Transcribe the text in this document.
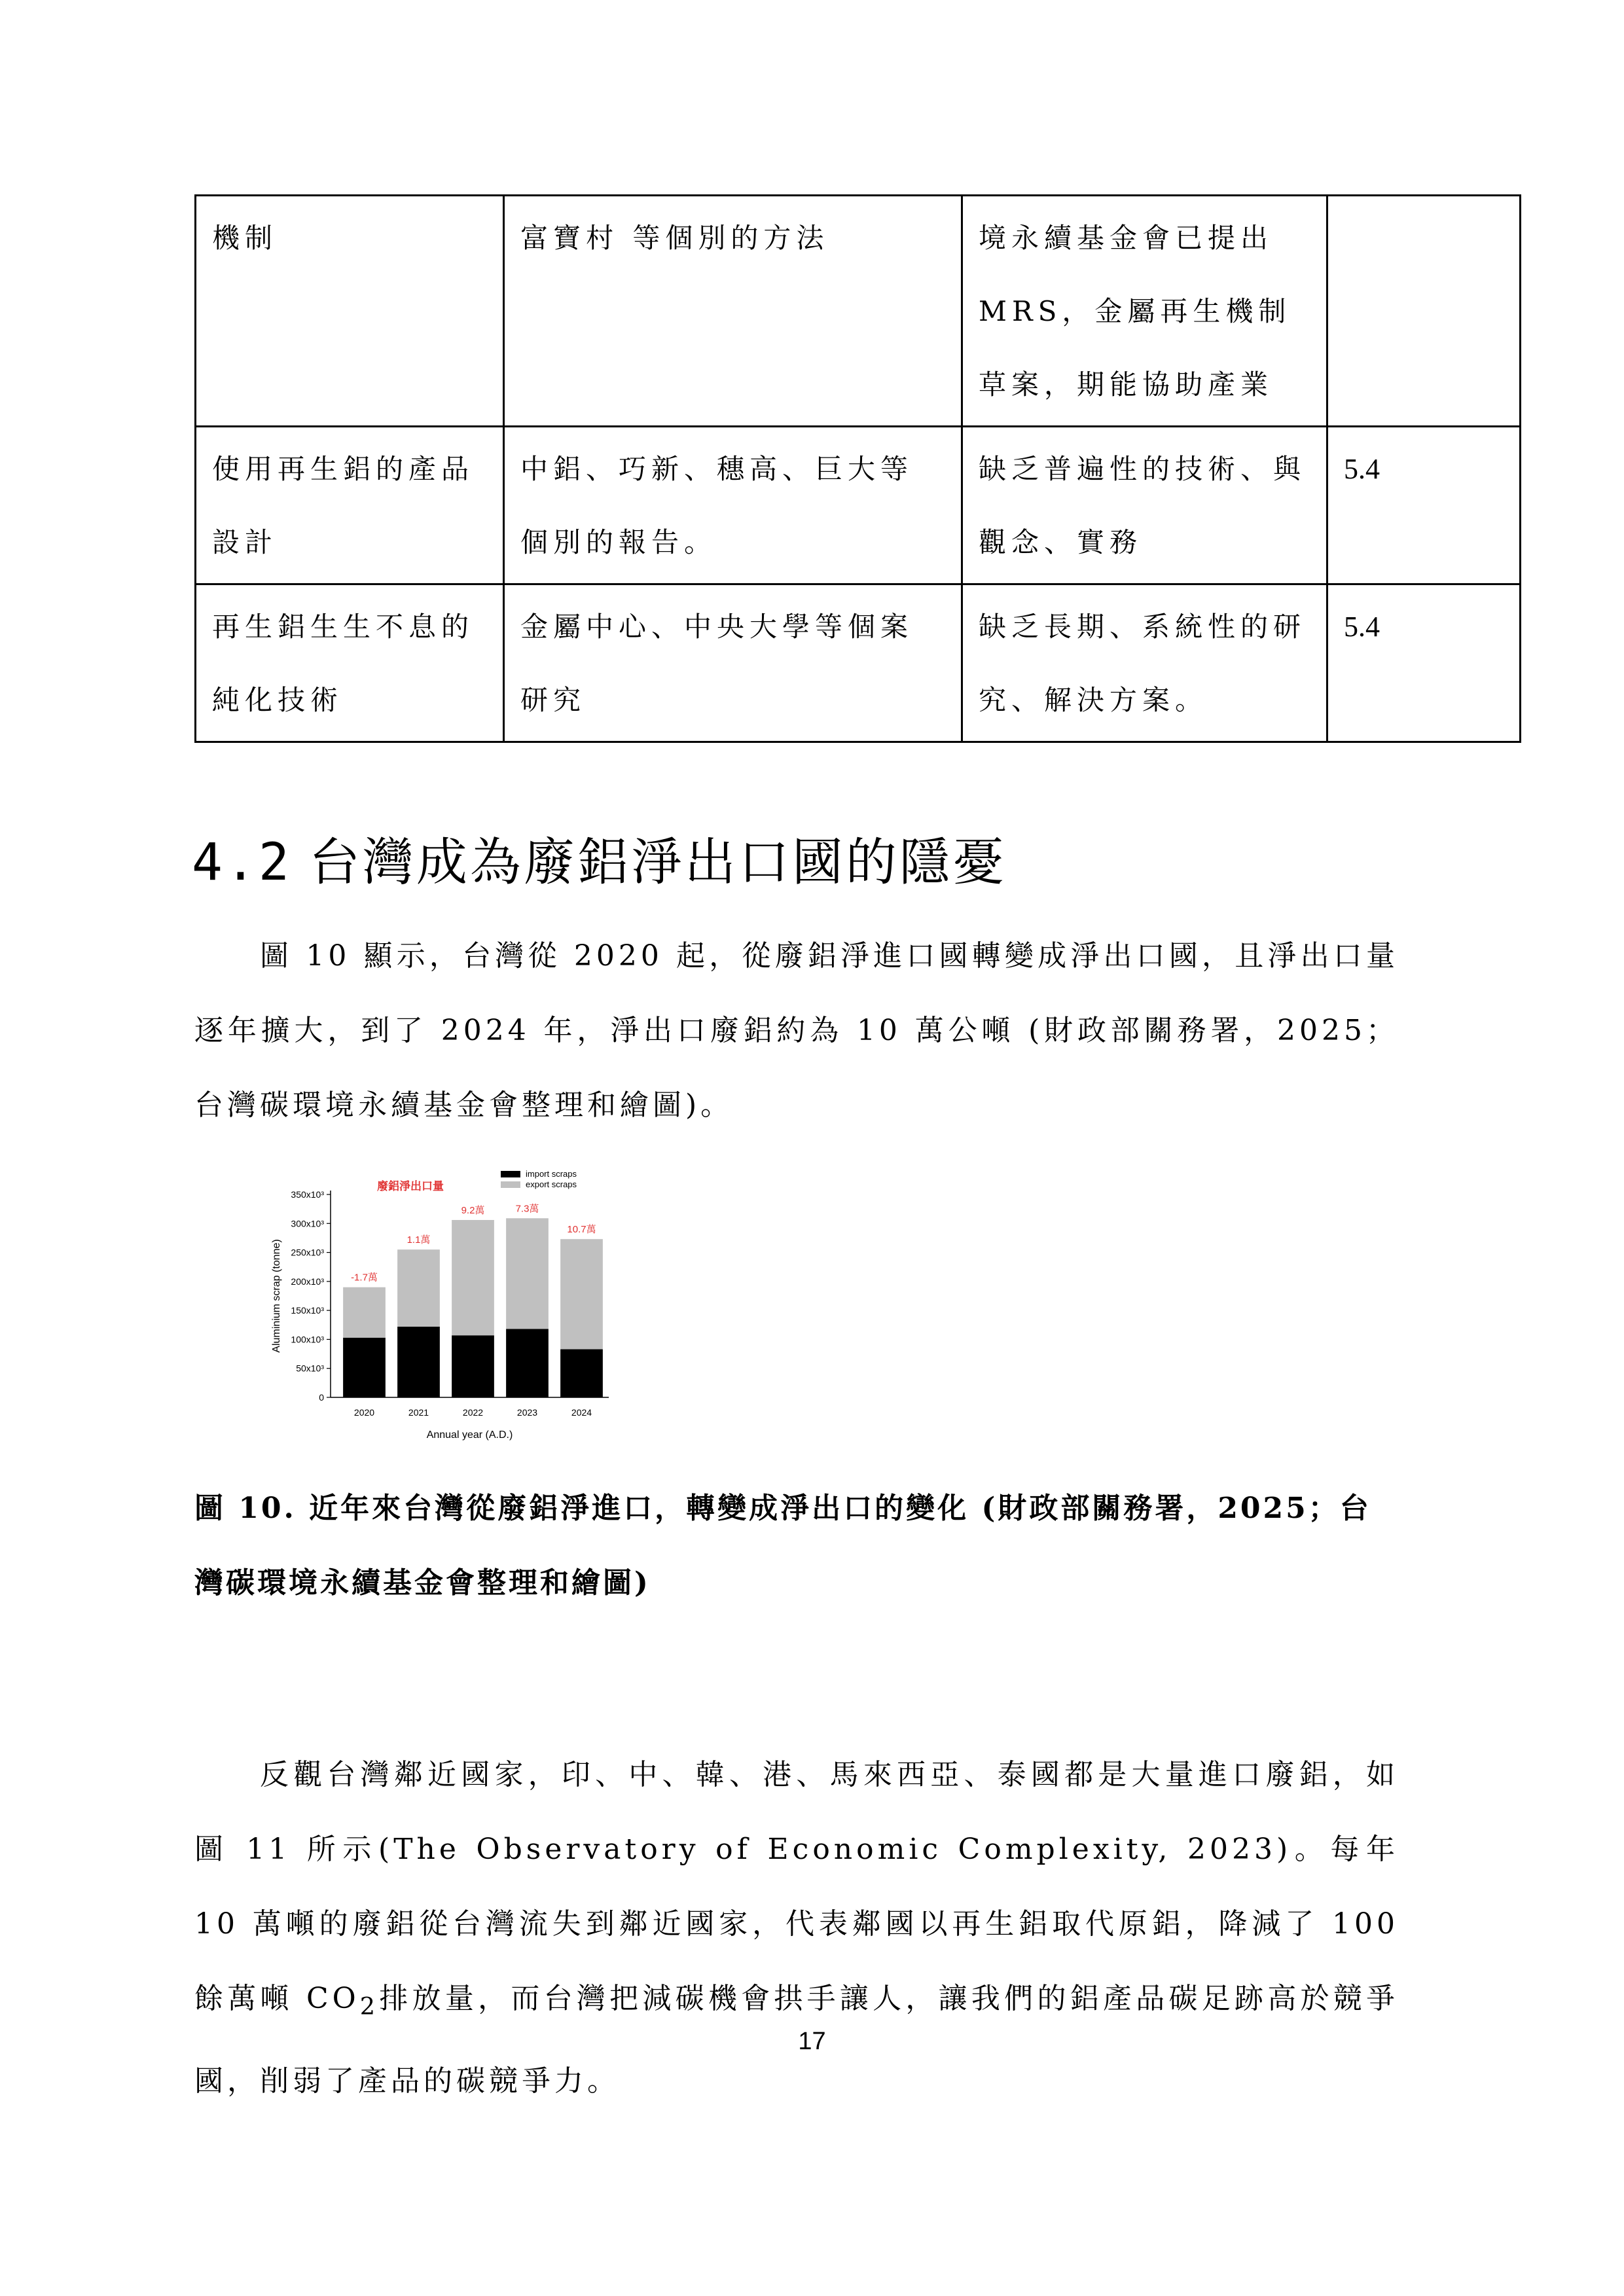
機制	富寶村 等個別的方法	境永續基金會已提出MRS，金屬再生機制草案，期能協助產業	
使用再生鋁的產品設計	中鋁、巧新、穗高、巨大等個別的報告。	缺乏普遍性的技術、與觀念、實務	5.4
再生鋁生生不息的純化技術	金屬中心、中央大學等個案研究	缺乏長期、系統性的研究、解決方案。	5.4
4.2 台灣成為廢鋁淨出口國的隱憂

圖 10 顯示，台灣從 2020 起，從廢鋁淨進口國轉變成淨出口國，且淨出口量逐年擴大，到了 2024 年，淨出口廢鋁約為 10 萬公噸 (財政部關務署，2025；台灣碳環境永續基金會整理和繪圖)。

0
50x10³
100x10³
150x10³
200x10³
250x10³
300x10³
350x10³
2020
-1.7萬
2021
1.1萬
2022
9.2萬
2023
7.3萬
2024
10.7萬
廢鋁淨出口量
import scraps
export scraps
Annual year (A.D.)
Aluminium scrap (tonne)

圖 10. 近年來台灣從廢鋁淨進口，轉變成淨出口的變化 (財政部關務署，2025；台灣碳環境永續基金會整理和繪圖)

反觀台灣鄰近國家，印、中、韓、港、馬來西亞、泰國都是大量進口廢鋁，如圖 11 所示(The Observatory of Economic Complexity, 2023)。每年 10 萬噸的廢鋁從台灣流失到鄰近國家，代表鄰國以再生鋁取代原鋁，降減了 100 餘萬噸 $CO_2$排放量，而台灣把減碳機會拱手讓人，讓我們的鋁產品碳足跡高於競爭國，削弱了產品的碳競爭力。

17
